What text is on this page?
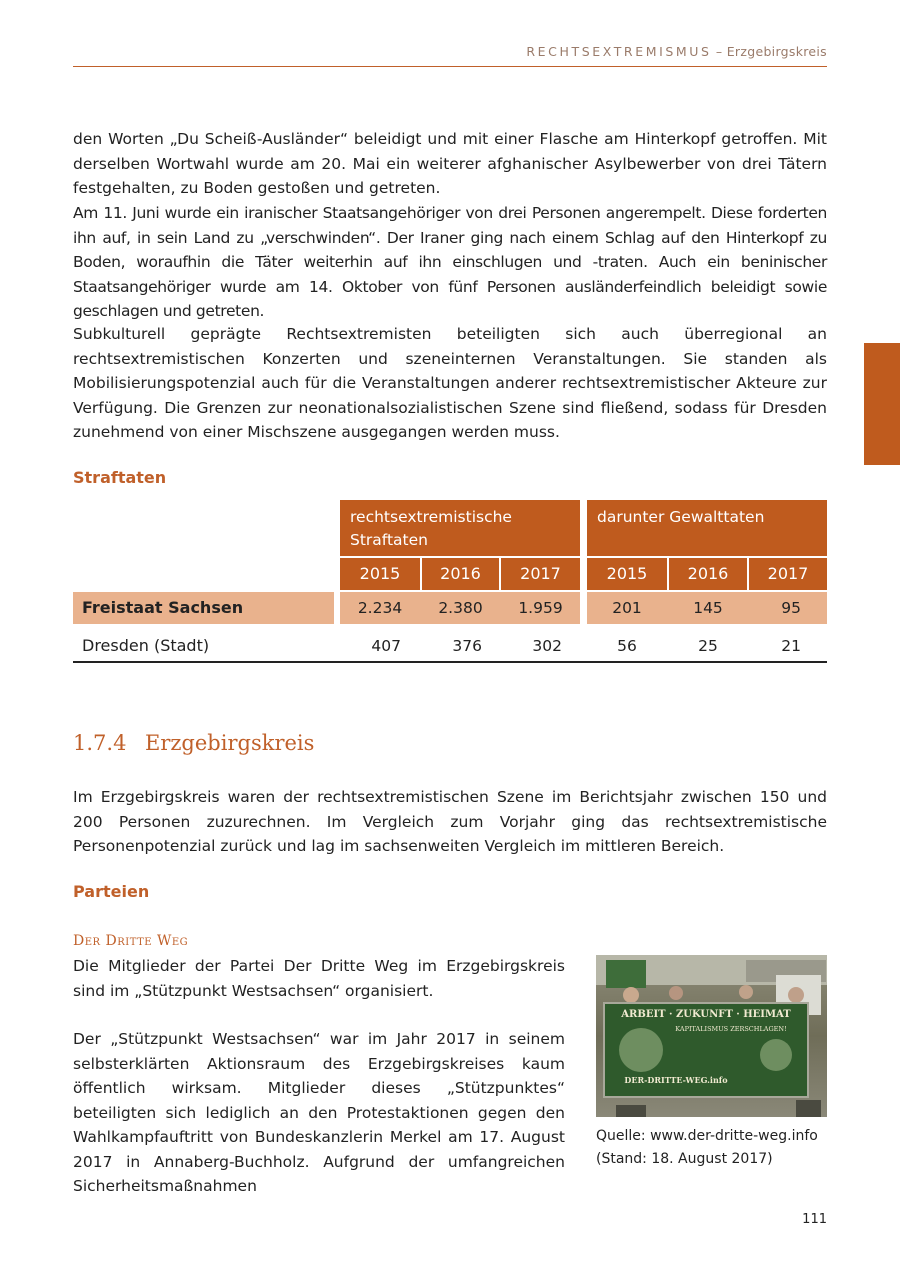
RECHTSEXTREMISMUS – Erzgebirgskreis

den Worten „Du Scheiß-Ausländer“ beleidigt und mit einer Flasche am Hinterkopf getroffen. Mit derselben Wortwahl wurde am 20. Mai ein weiterer afghanischer Asylbewerber von drei Tätern festgehalten, zu Boden gestoßen und getreten.

Am 11. Juni wurde ein iranischer Staatsangehöriger von drei Personen angerempelt. Diese forderten ihn auf, in sein Land zu „verschwinden“. Der Iraner ging nach einem Schlag auf den Hinterkopf zu Boden, woraufhin die Täter weiterhin auf ihn einschlugen und -traten. Auch ein beninischer Staatsangehöriger wurde am 14. Oktober von fünf Personen ausländerfeindlich beleidigt sowie geschlagen und getreten.

Subkulturell geprägte Rechtsextremisten beteiligten sich auch überregional an rechtsextremistischen Konzerten und szeneinternen Veranstaltungen. Sie standen als Mobilisierungspotenzial auch für die Veranstaltungen anderer rechtsextremistischer Akteure zur Verfügung. Die Grenzen zur neonationalsozialistischen Szene sind fließend, sodass für Dresden zunehmend von einer Mischszene ausgegangen werden muss.

Straftaten
rechtsextremistische Straftaten
darunter Gewalttaten
2015	2016	2017	2015	2016	2017
Freistaat Sachsen	2.234	2.380	1.959	201	145	95
Dresden (Stadt)	407	376	302	56	25	21
1.7.4 Erzgebirgskreis

Im Erzgebirgskreis waren der rechtsextremistischen Szene im Berichtsjahr zwischen 150 und 200 Personen zuzurechnen. Im Vergleich zum Vorjahr ging das rechtsextremistische Personenpotenzial zurück und lag im sachsenweiten Vergleich im mittleren Bereich.

Parteien
Der Dritte Weg

Die Mitglieder der Partei Der Dritte Weg im Erzgebirgskreis sind im „Stützpunkt Westsachsen“ organisiert.

Der „Stützpunkt Westsachsen“ war im Jahr 2017 in seinem selbsterklärten Aktionsraum des Erzgebirgskreises kaum öffentlich wirksam. Mitglieder dieses „Stützpunktes“ beteiligten sich lediglich an den Protestaktionen gegen den Wahlkampfauftritt von Bundeskanzlerin Merkel am 17. August 2017 in Annaberg-Buchholz. Aufgrund der umfangreichen Sicherheitsmaßnahmen

ARBEIT · ZUKUNFT · HEIMAT
KAPITALISMUS ZERSCHLAGEN!
DER-DRITTE-WEG.info

Quelle: www.der-dritte-weg.info
(Stand: 18. August 2017)

111
